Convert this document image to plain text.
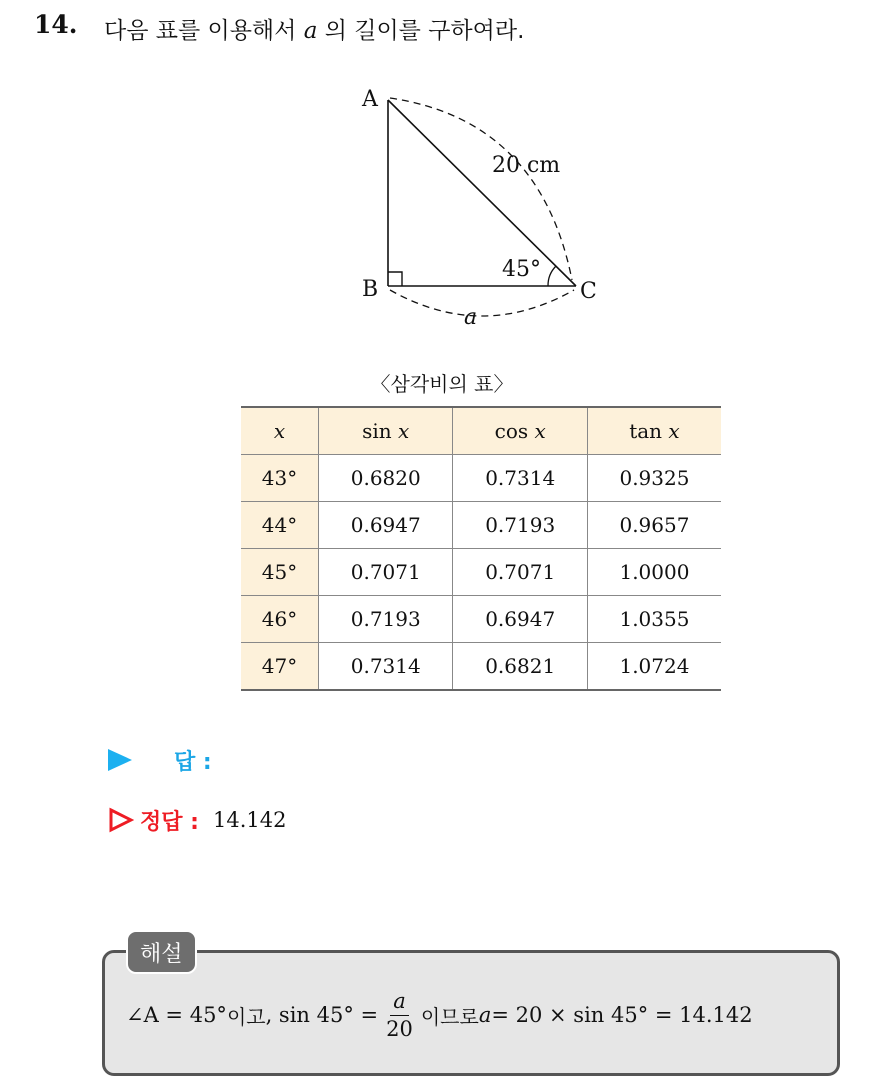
14. 다음 표를 이용해서 a 의 길이를 구하여라.
A
B	C
20 cm
45°
a
〈삼각비의 표〉
x	sin x	cos x	tan x
43°	0.6820	0.7314	0.9325
44°	0.6947	0.7193	0.9657
45°	0.7071	0.7071	1.0000
46°	0.7193	0.6947	1.0355
47°	0.7314	0.6821	1.0724
답 :
정답 : 14.142
해설
∠A = 45° 이고 , $\sin 45^\circ = \frac{a}{20}$ 이므로 a = 20 × sin 45° = 14.142
